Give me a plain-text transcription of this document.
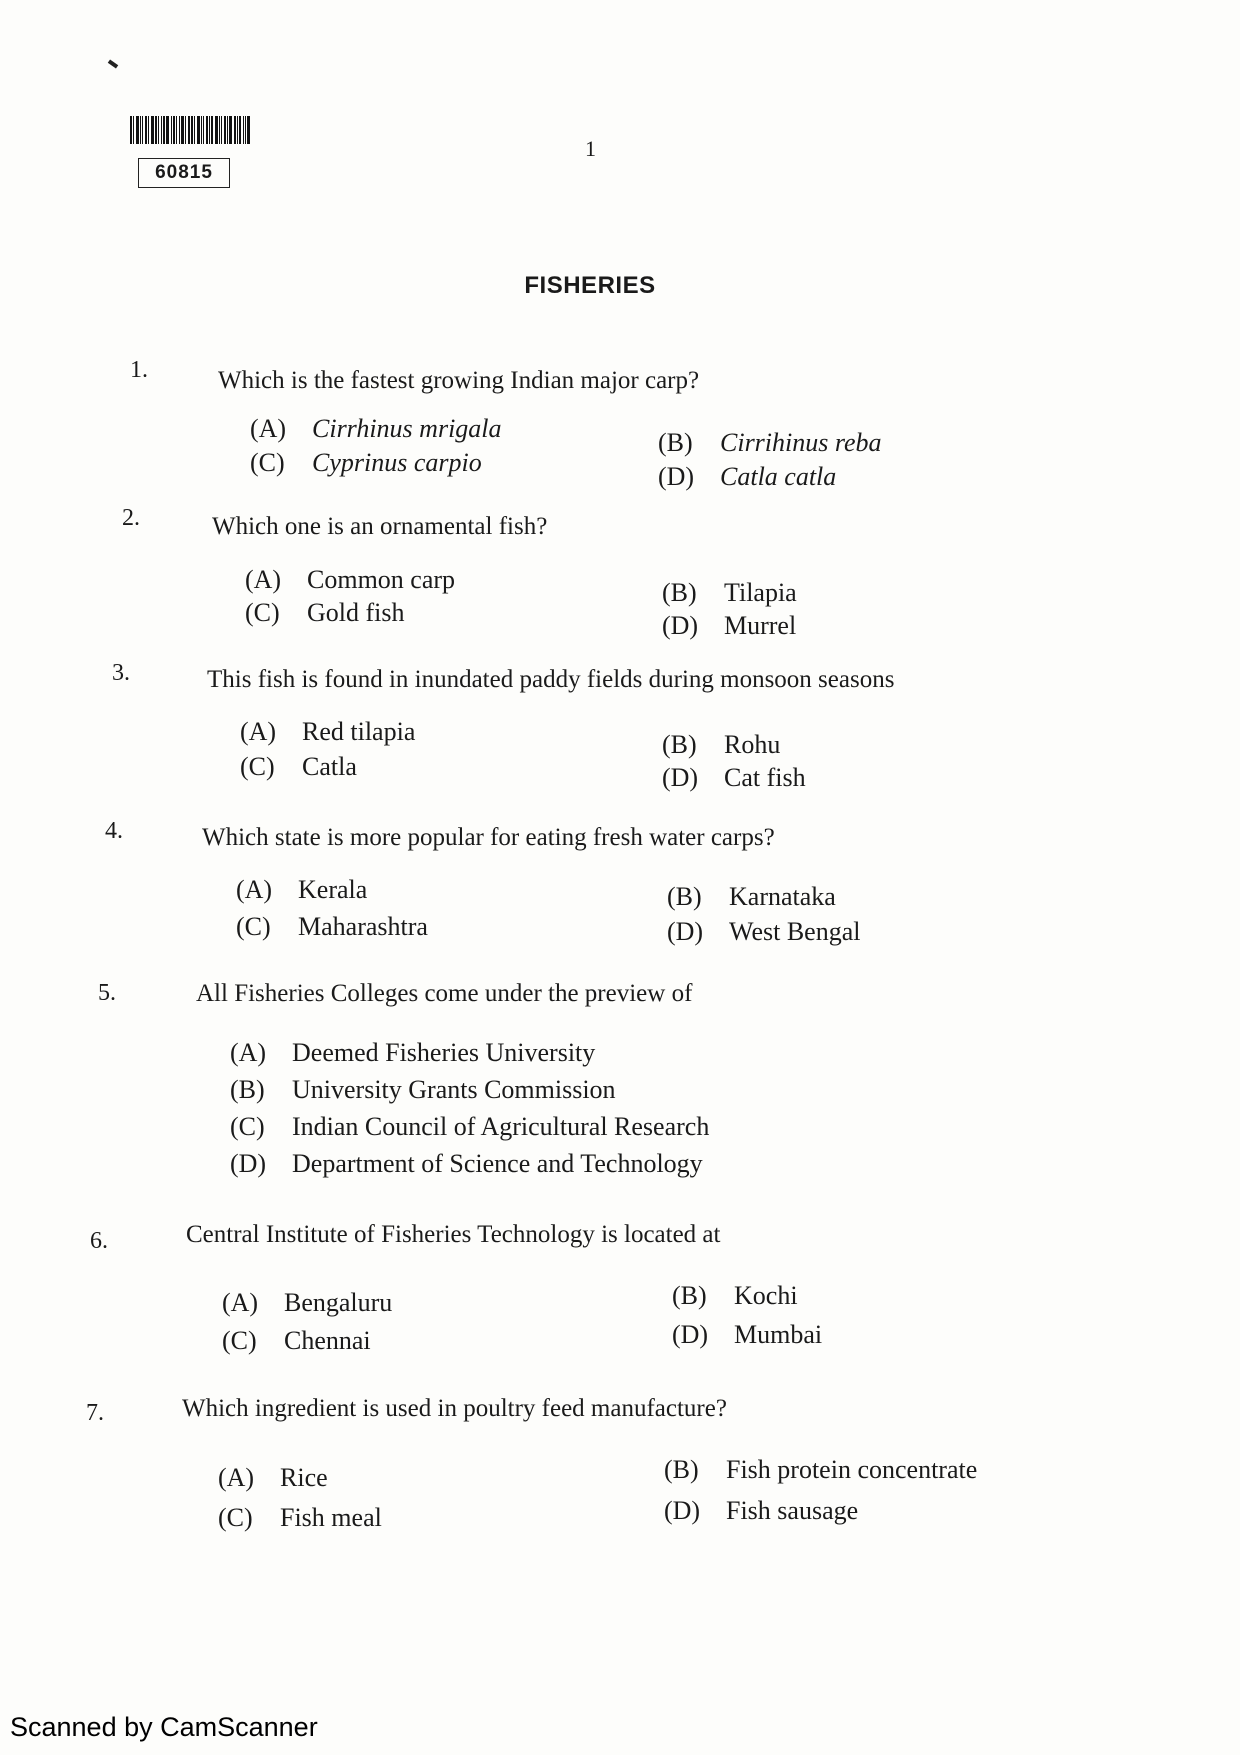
60815
1
FISHERIES
1.	Which is the fastest growing Indian major carp?
(A) Cirrhinus mrigala	(B) Cirrihinus reba
(C) Cyprinus carpio	(D) Catla catla
2.	Which one is an ornamental fish?
(A) Common carp	(B) Tilapia
(C) Gold fish	(D) Murrel
3.	This fish is found in inundated paddy fields during monsoon seasons
(A) Red tilapia	(B) Rohu
(C) Catla	(D) Cat fish
4.	Which state is more popular for eating fresh water carps?
(A) Kerala	(B) Karnataka
(C) Maharashtra	(D) West Bengal
5.	All Fisheries Colleges come under the preview of
(A) Deemed Fisheries University
(B) University Grants Commission
(C) Indian Council of Agricultural Research
(D) Department of Science and Technology
6.	Central Institute of Fisheries Technology is located at
(A) Bengaluru	(B) Kochi
(C) Chennai	(D) Mumbai
7.	Which ingredient is used in poultry feed manufacture?
(A) Rice	(B) Fish protein concentrate
(C) Fish meal	(D) Fish sausage
Scanned by CamScanner
